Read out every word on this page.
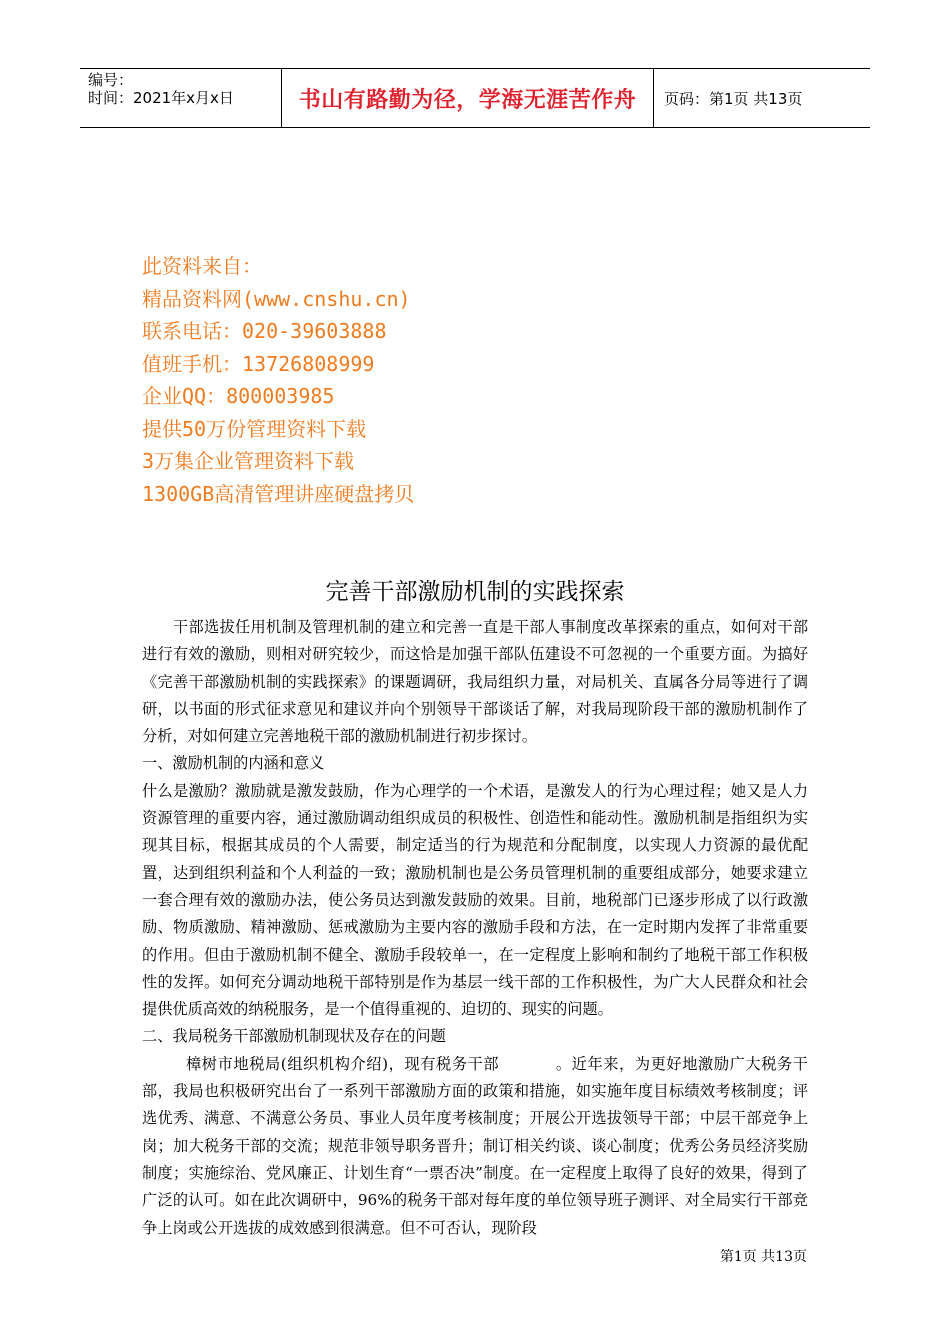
编号：
时间：2021年x月x日	书山有路勤为径，学海无涯苦作舟	页码：第1页 共13页
此资料来自：
精品资料网(www.cnshu.cn)
联系电话：020-39603888
值班手机：13726808999
企业QQ：800003985
提供50万份管理资料下载
3万集企业管理资料下载
1300GB高清管理讲座硬盘拷贝
完善干部激励机制的实践探索

干部选拔任用机制及管理机制的建立和完善一直是干部人事制度改革探索的重点，如何对干部进行有效的激励，则相对研究较少，而这恰是加强干部队伍建设不可忽视的一个重要方面。为搞好《完善干部激励机制的实践探索》的课题调研，我局组织力量，对局机关、直属各分局等进行了调研，以书面的形式征求意见和建议并向个别领导干部谈话了解，对我局现阶段干部的激励机制作了分析，对如何建立完善地税干部的激励机制进行初步探讨。

一、激励机制的内涵和意义

什么是激励？激励就是激发鼓励，作为心理学的一个术语，是激发人的行为心理过程；她又是人力资源管理的重要内容，通过激励调动组织成员的积极性、创造性和能动性。激励机制是指组织为实现其目标，根据其成员的个人需要，制定适当的行为规范和分配制度，以实现人力资源的最优配置，达到组织利益和个人利益的一致；激励机制也是公务员管理机制的重要组成部分，她要求建立一套合理有效的激励办法，使公务员达到激发鼓励的效果。目前，地税部门已逐步形成了以行政激励、物质激励、精神激励、惩戒激励为主要内容的激励手段和方法，在一定时期内发挥了非常重要的作用。但由于激励机制不健全、激励手段较单一，在一定程度上影响和制约了地税干部工作积极性的发挥。如何充分调动地税干部特别是作为基层一线干部的工作积极性，为广大人民群众和社会提供优质高效的纳税服务，是一个值得重视的、迫切的、现实的问题。

二、我局税务干部激励机制现状及存在的问题

樟树市地税局(组织机构介绍)，现有税务干部	。近年来，为更好地激励广大税务干部，我局也积极研究出台了一系列干部激励方面的政策和措施，如实施年度目标绩效考核制度；评选优秀、满意、不满意公务员、事业人员年度考核制度；开展公开选拔领导干部；中层干部竞争上岗；加大税务干部的交流；规范非领导职务晋升；制订相关约谈、谈心制度；优秀公务员经济奖励制度；实施综治、党风廉正、计划生育“一票否决”制度。在一定程度上取得了良好的效果，得到了广泛的认可。如在此次调研中，96%的税务干部对每年度的单位领导班子测评、对全局实行干部竞争上岗或公开选拔的成效感到很满意。但不可否认，现阶段

第1页 共13页
